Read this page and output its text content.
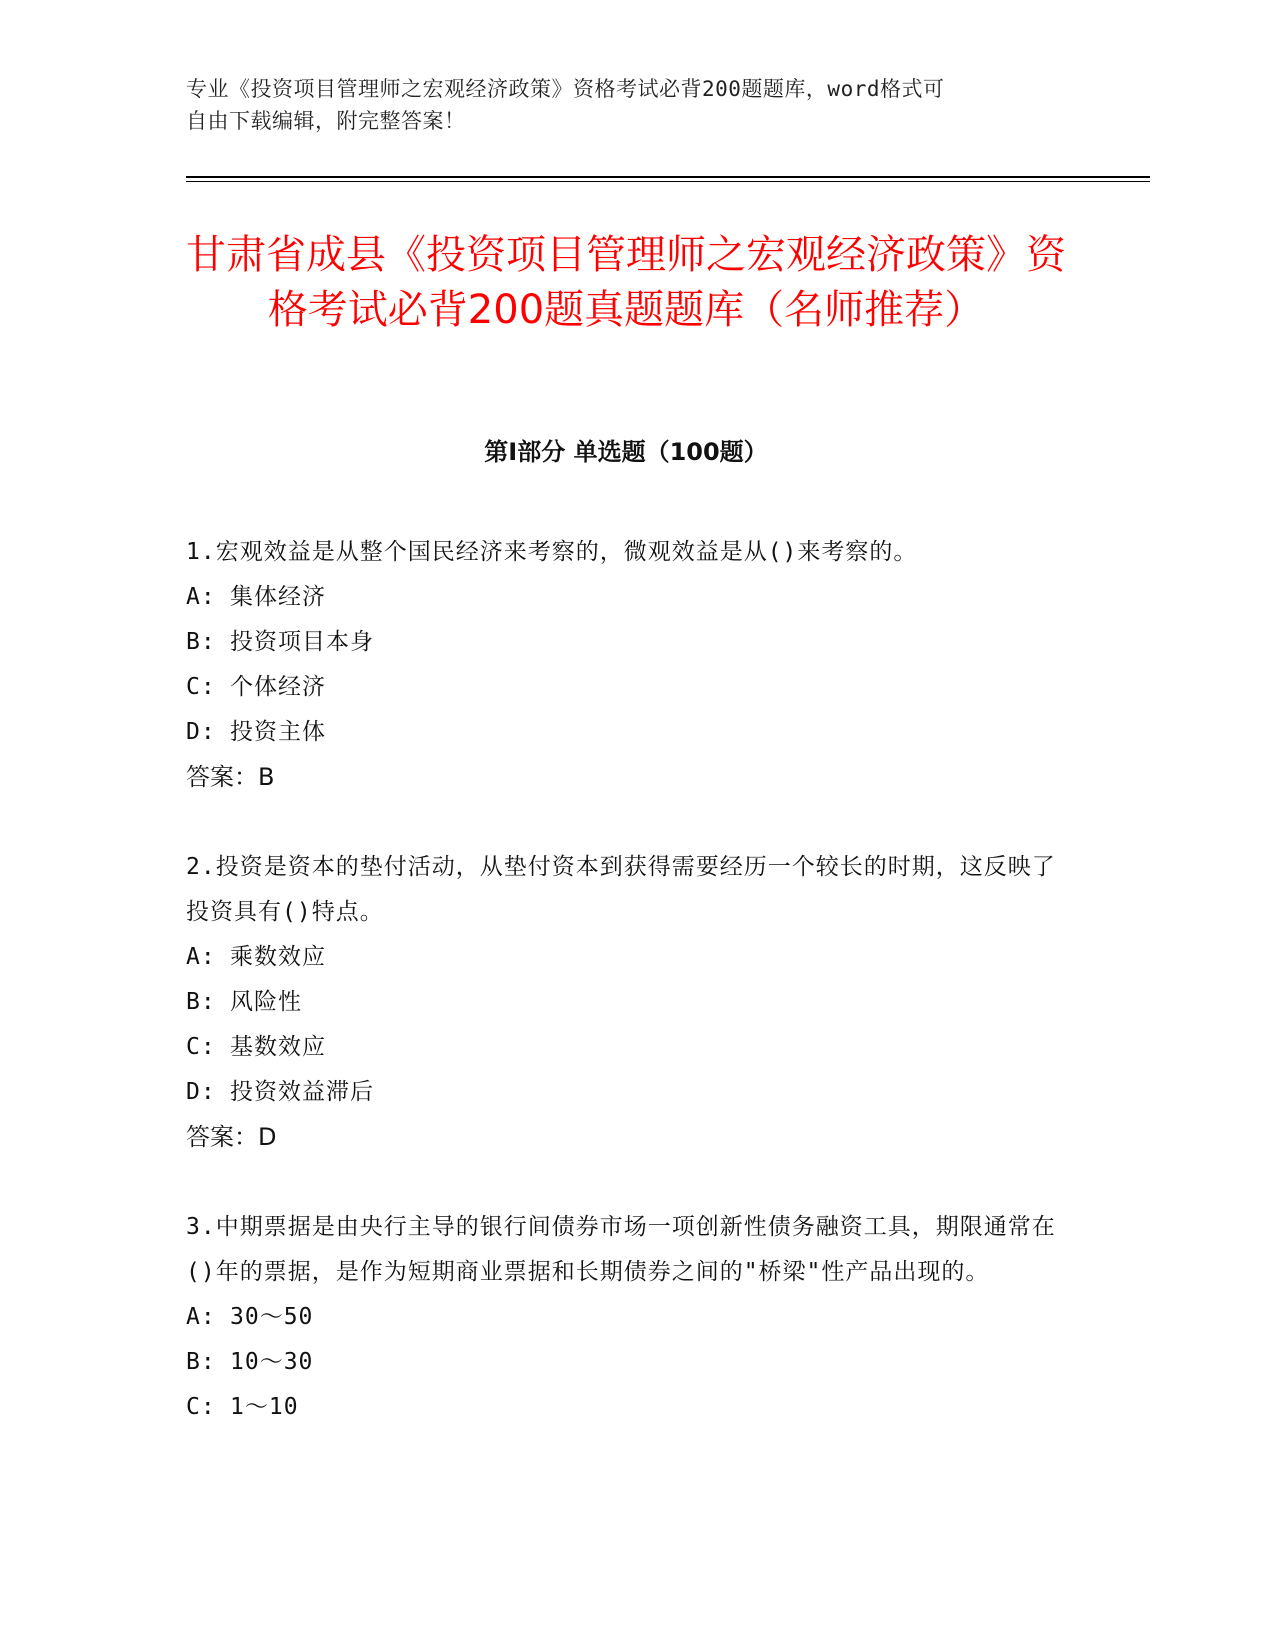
专业《投资项目管理师之宏观经济政策》资格考试必背200题题库，word格式可
自由下载编辑，附完整答案！
甘肃省成县《投资项目管理师之宏观经济政策》资格考试必背200题真题题库（名师推荐）
第I部分 单选题（100题）
1.宏观效益是从整个国民经济来考察的，微观效益是从()来考察的。
A: 集体经济
B: 投资项目本身
C: 个体经济
D: 投资主体
答案：B
2.投资是资本的垫付活动，从垫付资本到获得需要经历一个较长的时期，这反映了投资具有()特点。
A: 乘数效应
B: 风险性
C: 基数效应
D: 投资效益滞后
答案：D
3.中期票据是由央行主导的银行间债券市场一项创新性债务融资工具，期限通常在()年的票据，是作为短期商业票据和长期债券之间的"桥梁"性产品出现的。
A: 30～50
B: 10～30
C: 1～10
